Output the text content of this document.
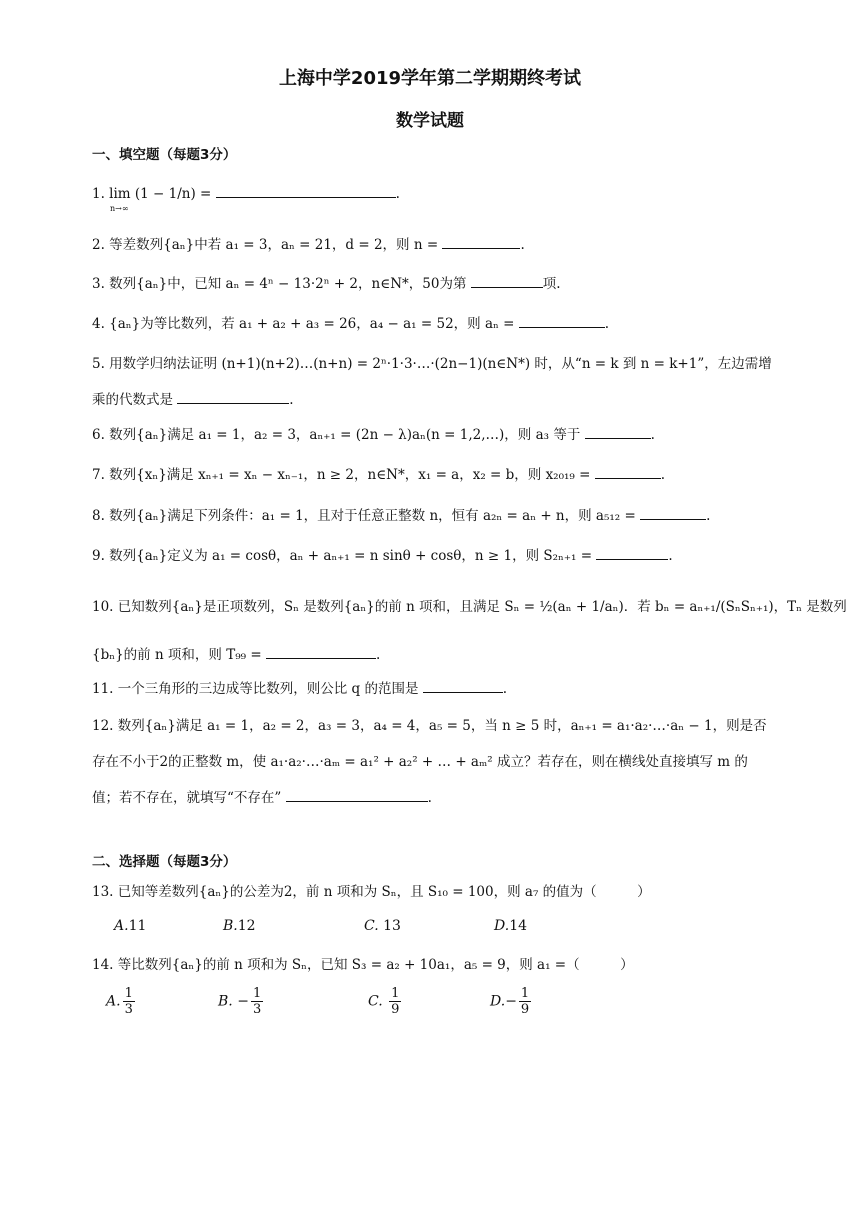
上海中学2019学年第二学期期终考试
数学试题
一、填空题（每题3分）
1. lim (1 − 1/n) =	.
n→∞
2. 等差数列{aₙ}中若 a₁ = 3，aₙ = 21，d = 2，则 n =	.
3. 数列{aₙ}中，已知 aₙ = 4ⁿ − 13·2ⁿ + 2，n∈N*，50为第	项.
4. {aₙ}为等比数列，若 a₁ + a₂ + a₃ = 26，a₄ − a₁ = 52，则 aₙ =	.
5. 用数学归纳法证明 (n+1)(n+2)…(n+n) = 2ⁿ·1·3·…·(2n−1)(n∈N*) 时，从“n = k 到 n = k+1”，左边需增乘的代数式是	.
6. 数列{aₙ}满足 a₁ = 1，a₂ = 3，aₙ₊₁ = (2n − λ)aₙ(n = 1,2,…)，则 a₃ 等于	.
7. 数列{xₙ}满足 xₙ₊₁ = xₙ − xₙ₋₁，n ≥ 2，n∈N*，x₁ = a，x₂ = b，则 x₂₀₁₉ =	.
8. 数列{aₙ}满足下列条件：a₁ = 1，且对于任意正整数 n，恒有 a₂ₙ = aₙ + n，则 a₅₁₂ =	.
9. 数列{aₙ}定义为 a₁ = cosθ，aₙ + aₙ₊₁ = n sinθ + cosθ，n ≥ 1，则 S₂ₙ₊₁ =	.
10. 已知数列{aₙ}是正项数列，Sₙ 是数列{aₙ}的前 n 项和，且满足 Sₙ = ½(aₙ + 1/aₙ)．若 bₙ = aₙ₊₁/(SₙSₙ₊₁)，Tₙ 是数列
{bₙ}的前 n 项和，则 T₉₉ =	.
11. 一个三角形的三边成等比数列，则公比 q 的范围是	.
12. 数列{aₙ}满足 a₁ = 1，a₂ = 2，a₃ = 3，a₄ = 4，a₅ = 5，当 n ≥ 5 时，aₙ₊₁ = a₁·a₂·…·aₙ − 1，则是否存在不小于2的正整数 m，使 a₁·a₂·…·aₘ = a₁² + a₂² + … + aₘ² 成立？若存在，则在横线处直接填写 m 的值；若不存在，就填写“不存在”	.
二、选择题（每题3分）
13. 已知等差数列{aₙ}的公差为2，前 n 项和为 Sₙ，且 S₁₀ = 100，则 a₇ 的值为（　　　）
A.11	B.12	C. 13	D.14
14. 等比数列{aₙ}的前 n 项和为 Sₙ，已知 S₃ = a₂ + 10a₁，a₅ = 9，则 a₁ =（　　　）
A. $\frac{1}{3}$	B. − $\frac{1}{3}$	C. $\frac{1}{9}$	$D.- \frac{1}{9}$
